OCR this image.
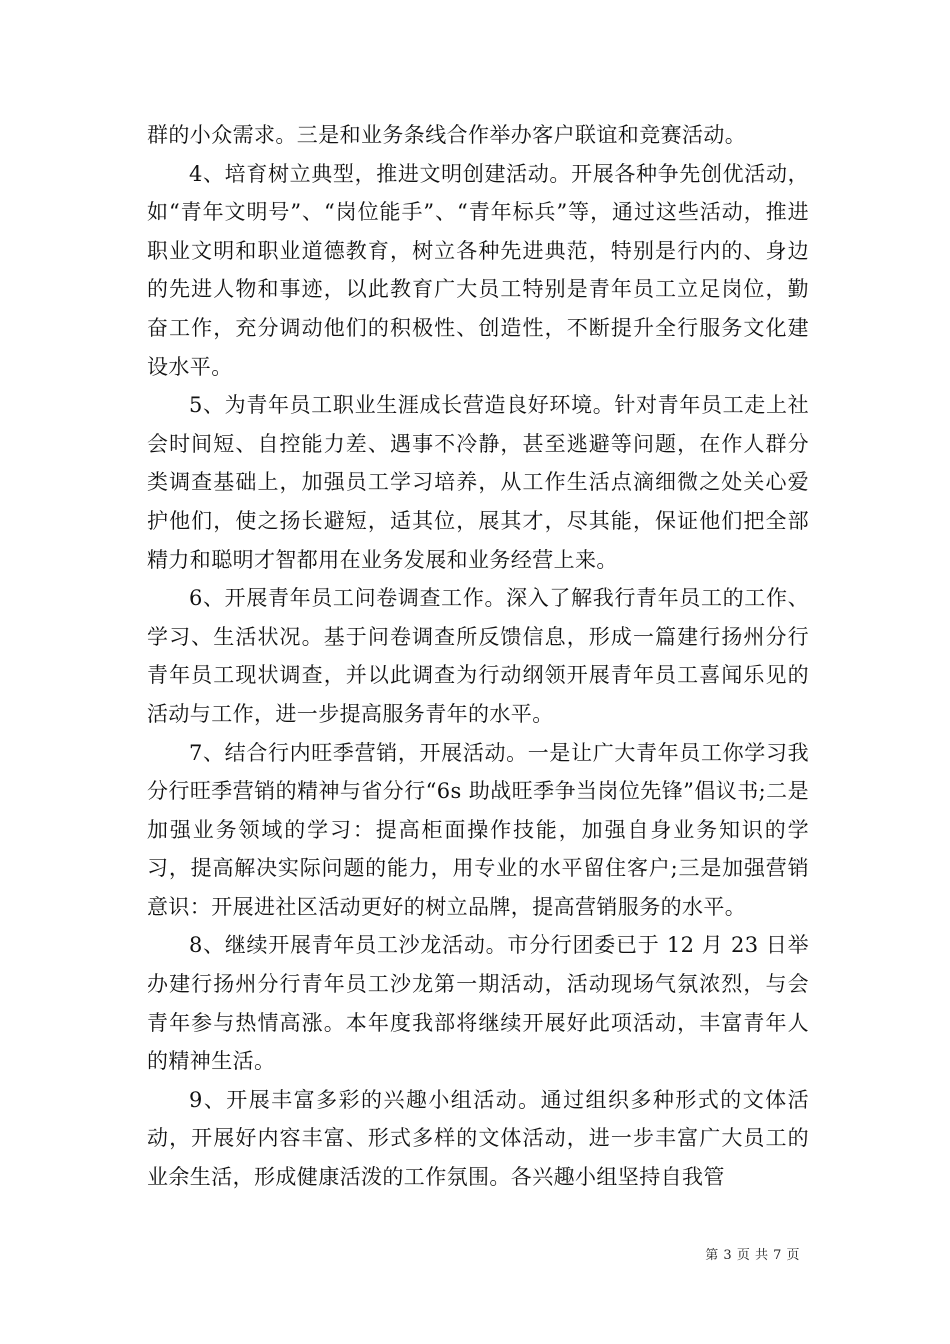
群的小众需求。三是和业务条线合作举办客户联谊和竞赛活动。

4、培育树立典型，推进文明创建活动。开展各种争先创优活动，如“青年文明号”、“岗位能手”、“青年标兵”等，通过这些活动，推进职业文明和职业道德教育，树立各种先进典范，特别是行内的、身边的先进人物和事迹，以此教育广大员工特别是青年员工立足岗位，勤奋工作，充分调动他们的积极性、创造性，不断提升全行服务文化建设水平。

5、为青年员工职业生涯成长营造良好环境。针对青年员工走上社会时间短、自控能力差、遇事不冷静，甚至逃避等问题，在作人群分类调查基础上，加强员工学习培养，从工作生活点滴细微之处关心爱护他们，使之扬长避短，适其位，展其才，尽其能，保证他们把全部精力和聪明才智都用在业务发展和业务经营上来。

6、开展青年员工问卷调查工作。深入了解我行青年员工的工作、学习、生活状况。基于问卷调查所反馈信息，形成一篇建行扬州分行青年员工现状调查，并以此调查为行动纲领开展青年员工喜闻乐见的活动与工作，进一步提高服务青年的水平。

7、结合行内旺季营销，开展活动。一是让广大青年员工你学习我分行旺季营销的精神与省分行“6s 助战旺季争当岗位先锋”倡议书;二是加强业务领域的学习：提高柜面操作技能，加强自身业务知识的学习，提高解决实际问题的能力，用专业的水平留住客户;三是加强营销意识：开展进社区活动更好的树立品牌，提高营销服务的水平。

8、继续开展青年员工沙龙活动。市分行团委已于 12 月 23 日举办建行扬州分行青年员工沙龙第一期活动，活动现场气氛浓烈，与会青年参与热情高涨。本年度我部将继续开展好此项活动，丰富青年人的精神生活。

9、开展丰富多彩的兴趣小组活动。通过组织多种形式的文体活动，开展好内容丰富、形式多样的文体活动，进一步丰富广大员工的业余生活，形成健康活泼的工作氛围。各兴趣小组坚持自我管

第 3 页 共 7 页
